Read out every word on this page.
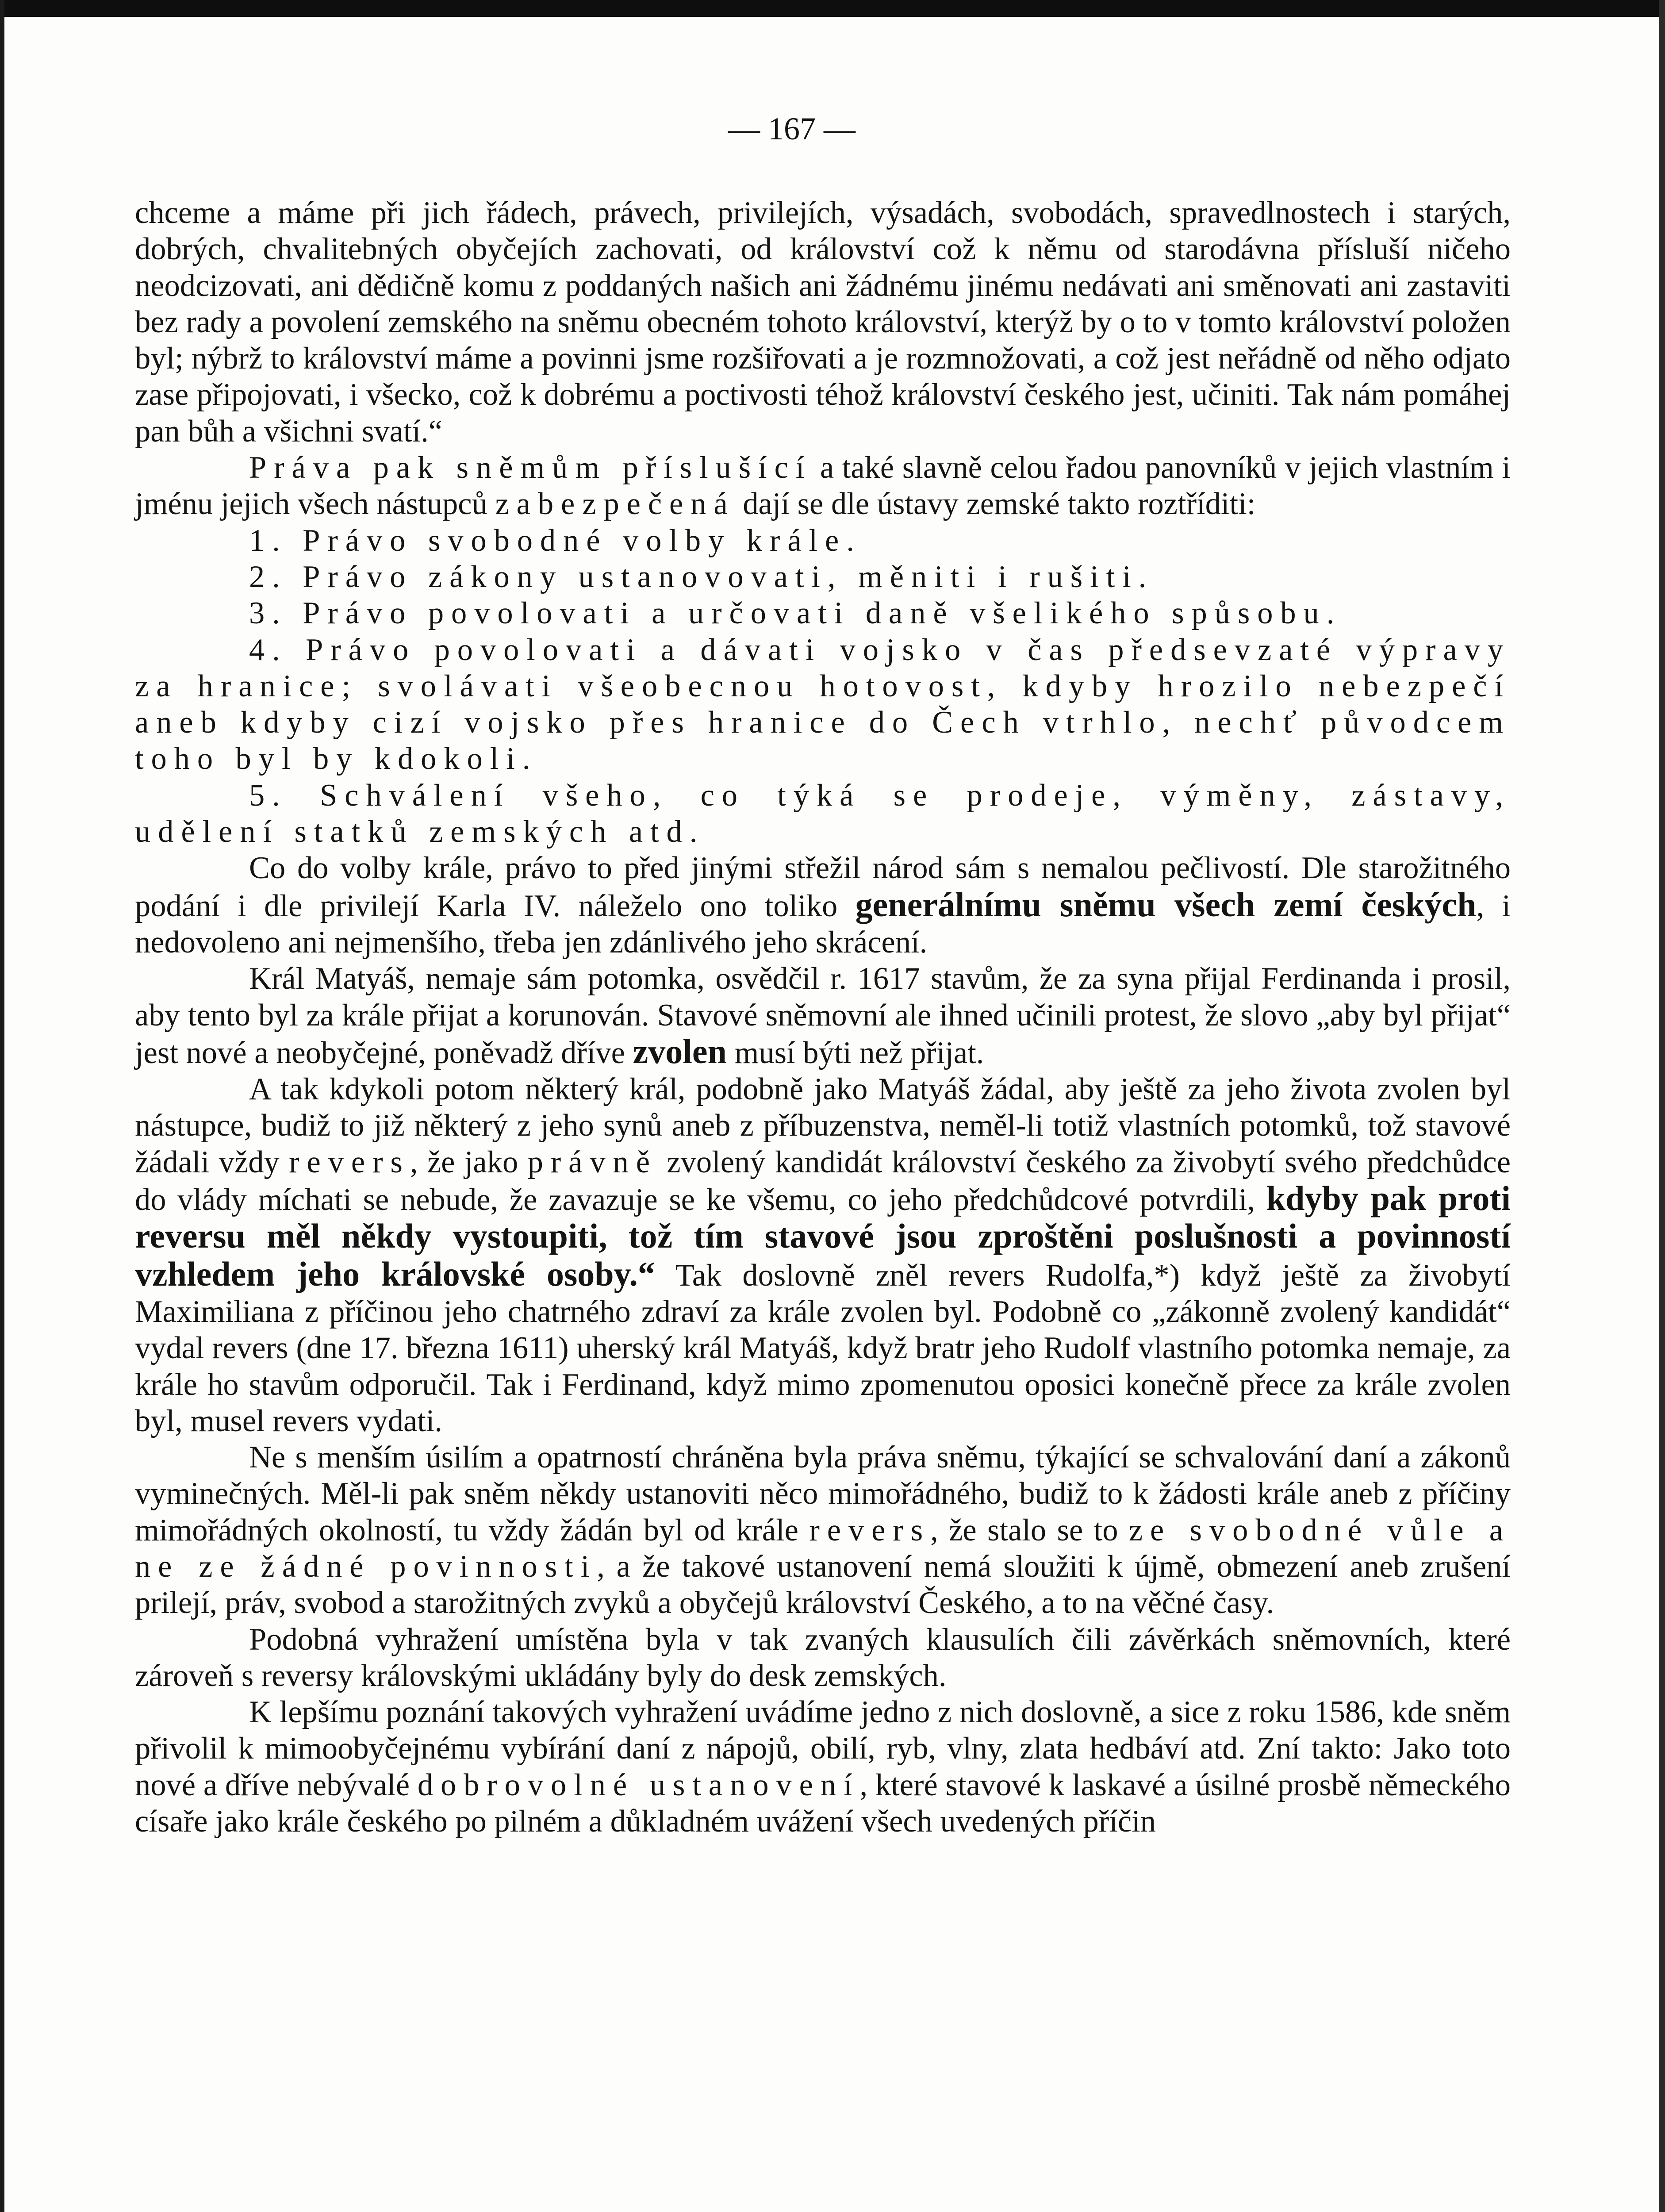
— 167 —

chceme a máme při jich řádech, právech, privilejích, výsadách, svobodách, spravedlnostech i starých, dobrých, chvalitebných obyčejích zachovati, od království což k němu od starodávna přísluší ničeho neodcizovati, ani dědičně komu z poddaných našich ani žádnému jinému nedávati ani směnovati ani zastaviti bez rady a povolení zemského na sněmu obecném tohoto království, kterýž by o to v tomto království položen byl; nýbrž to království máme a povinni jsme rozšiřovati a je rozmnožovati, a což jest neřádně od něho odjato zase připojovati, i všecko, což k dobrému a poctivosti téhož království českého jest, učiniti. Tak nám pomáhej pan bůh a všichni svatí.“

Práva pak sněmům příslušící a také slavně celou řadou panovníků v jejich vlastním i jménu jejich všech nástupců zabezpečená dají se dle ústavy zemské takto roztříditi:

1. Právo svobodné volby krále.

2. Právo zákony ustanovovati, měniti i rušiti.

3. Právo povolovati a určovati daně všelikého spůsobu.

4. Právo povolovati a dávati vojsko v čas předsevzaté výpravy za hranice; svolávati všeobecnou hotovost, kdyby hrozilo nebezpečí aneb kdyby cizí vojsko přes hranice do Čech vtrhlo, nechť původcem toho byl by kdokoli.

5. Schválení všeho, co týká se prodeje, výměny, zástavy, udělení statků zemských atd.

Co do volby krále, právo to před jinými střežil národ sám s nemalou pečlivostí. Dle starožitného podání i dle privilejí Karla IV. náleželo ono toliko generálnímu sněmu všech zemí českých, i nedovoleno ani nejmenšího, třeba jen zdánlivého jeho skrácení.

Král Matyáš, nemaje sám potomka, osvědčil r. 1617 stavům, že za syna přijal Ferdinanda i prosil, aby tento byl za krále přijat a korunován. Stavové sněmovní ale ihned učinili protest, že slovo „aby byl přijat“ jest nové a neobyčejné, poněvadž dříve zvolen musí býti než přijat.

A tak kdykoli potom některý král, podobně jako Matyáš žádal, aby ještě za jeho života zvolen byl nástupce, budiž to již některý z jeho synů aneb z příbuzenstva, neměl-li totiž vlastních potomků, tož stavové žádali vždy revers, že jako právně zvolený kandidát království českého za živobytí svého předchůdce do vlády míchati se nebude, že zavazuje se ke všemu, co jeho předchůdcové potvrdili, kdyby pak proti reversu měl někdy vystoupiti, tož tím stavové jsou zproštěni poslušnosti a povinností vzhledem jeho královské osoby.“ Tak doslovně zněl revers Rudolfa,*) když ještě za živobytí Maximiliana z příčinou jeho chatrného zdraví za krále zvolen byl. Podobně co „zákonně zvolený kandidát“ vydal revers (dne 17. března 1611) uherský král Matyáš, když bratr jeho Rudolf vlastního potomka nemaje, za krále ho stavům odporučil. Tak i Ferdinand, když mimo zpomenutou oposici konečně přece za krále zvolen byl, musel revers vydati.

Ne s menším úsilím a opatrností chráněna byla práva sněmu, týkající se schvalování daní a zákonů vyminečných. Měl-li pak sněm někdy ustanoviti něco mimořádného, budiž to k žádosti krále aneb z příčiny mimořádných okolností, tu vždy žádán byl od krále revers, že stalo se to ze svobodné vůle a ne ze žádné povinnosti, a že takové ustanovení nemá sloužiti k újmě, obmezení aneb zrušení prilejí, práv, svobod a starožitných zvyků a obyčejů království Českého, a to na věčné časy.

Podobná vyhražení umístěna byla v tak zvaných klausulích čili závěrkách sněmovních, které zároveň s reversy královskými ukládány byly do desk zemských.

K lepšímu poznání takových vyhražení uvádíme jedno z nich doslovně, a sice z roku 1586, kde sněm přivolil k mimoobyčejnému vybírání daní z nápojů, obilí, ryb, vlny, zlata hedbáví atd. Zní takto: Jako toto nové a dříve nebývalé dobrovolné ustanovení, které stavové k laskavé a úsilné prosbě německého císaře jako krále českého po pilném a důkladném uvážení všech uvedených příčin
